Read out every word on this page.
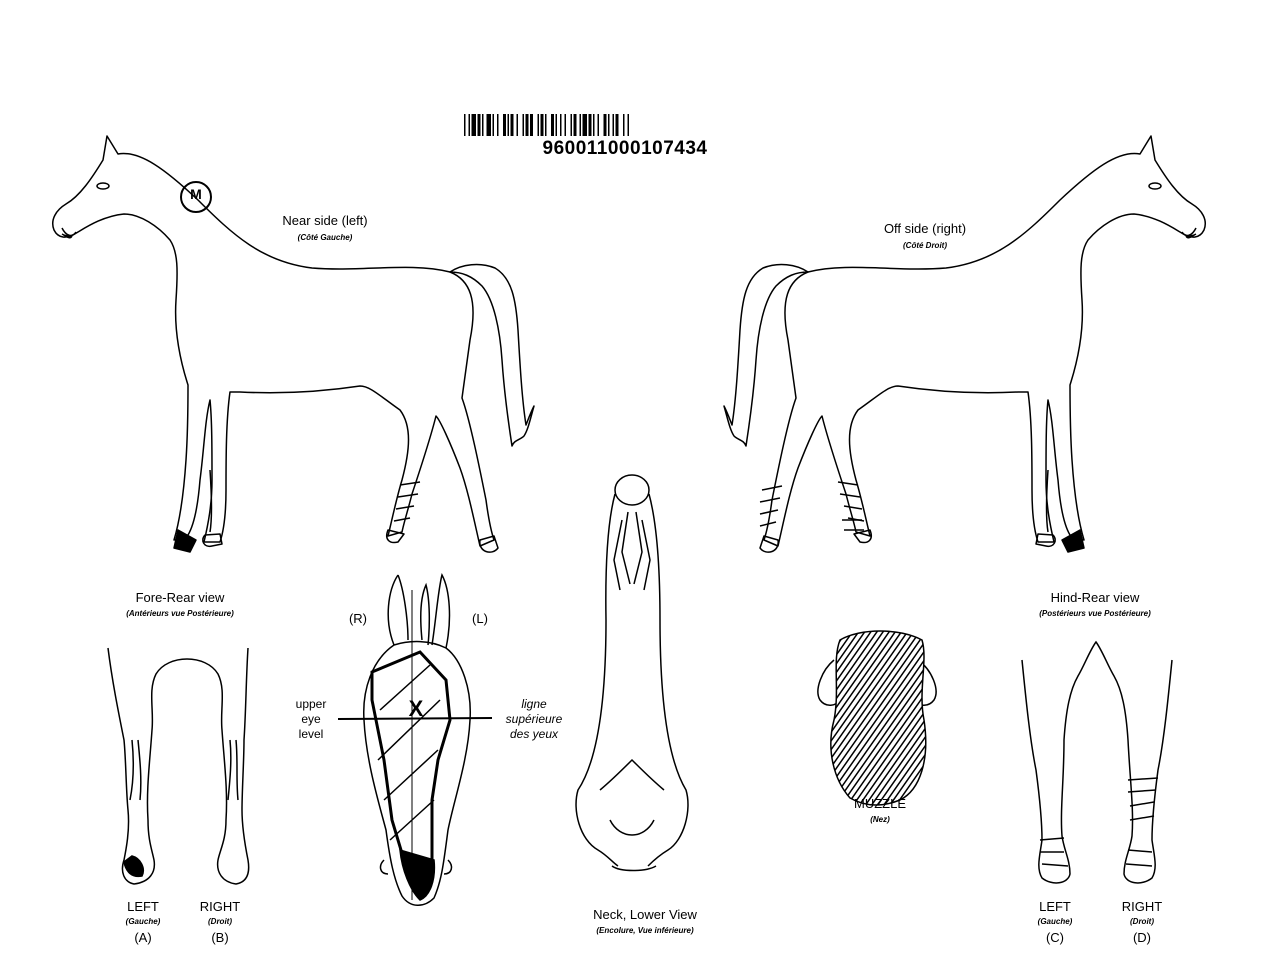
960011000107434
M
Near side (left)
(Côté Gauche)
Off side (right)
(Côté Droit)
Fore-Rear view
(Antérieurs vue Postérieure)
LEFT
(Gauche)
(A)
RIGHT
(Droit)
(B)
(R)	(L)
upper
eye
level
ligne
supérieure
des yeux
X
Neck, Lower View
(Encolure, Vue inférieure)
MUZZLE
(Nez)
Hind-Rear view
(Postérieurs vue Postérieure)
LEFT
(Gauche)
(C)
RIGHT
(Droit)
(D)
